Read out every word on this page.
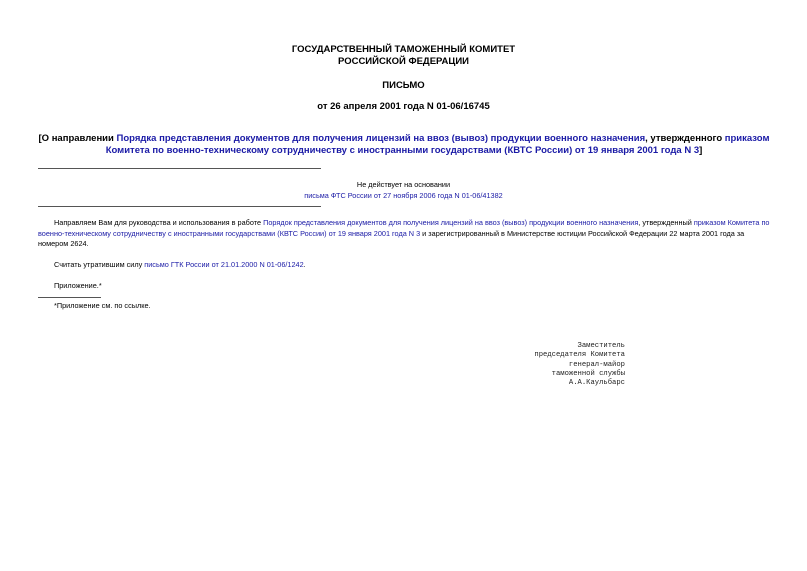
ГОСУДАРСТВЕННЫЙ ТАМОЖЕННЫЙ КОМИТЕТ
РОССИЙСКОЙ ФЕДЕРАЦИИ
ПИСЬМО
от 26 апреля 2001 года N 01-06/16745
[О направлении Порядка представления документов для получения лицензий на ввоз (вывоз) продукции военного назначения, утвержденного приказом Комитета по военно-техническому сотрудничеству с иностранными государствами (КВТС России) от 19 января 2001 года N 3]
Не действует на основании
письма ФТС России от 27 ноября 2006 года N 01-06/41382
Направляем Вам для руководства и использования в работе Порядок представления документов для получения лицензий на ввоз (вывоз) продукции военного назначения, утвержденный приказом Комитета по военно-техническому сотрудничеству с иностранными государствами (КВТС России) от 19 января 2001 года N 3 и зарегистрированный в Министерстве юстиции Российской Федерации 22 марта 2001 года за номером 2624.
Считать утратившим силу письмо ГТК России от 21.01.2000 N 01-06/1242.
Приложение.*
*Приложение см. по ссылке.
Заместитель
председателя Комитета
генерал-майор
таможенной службы
А.А.Каульбарс
